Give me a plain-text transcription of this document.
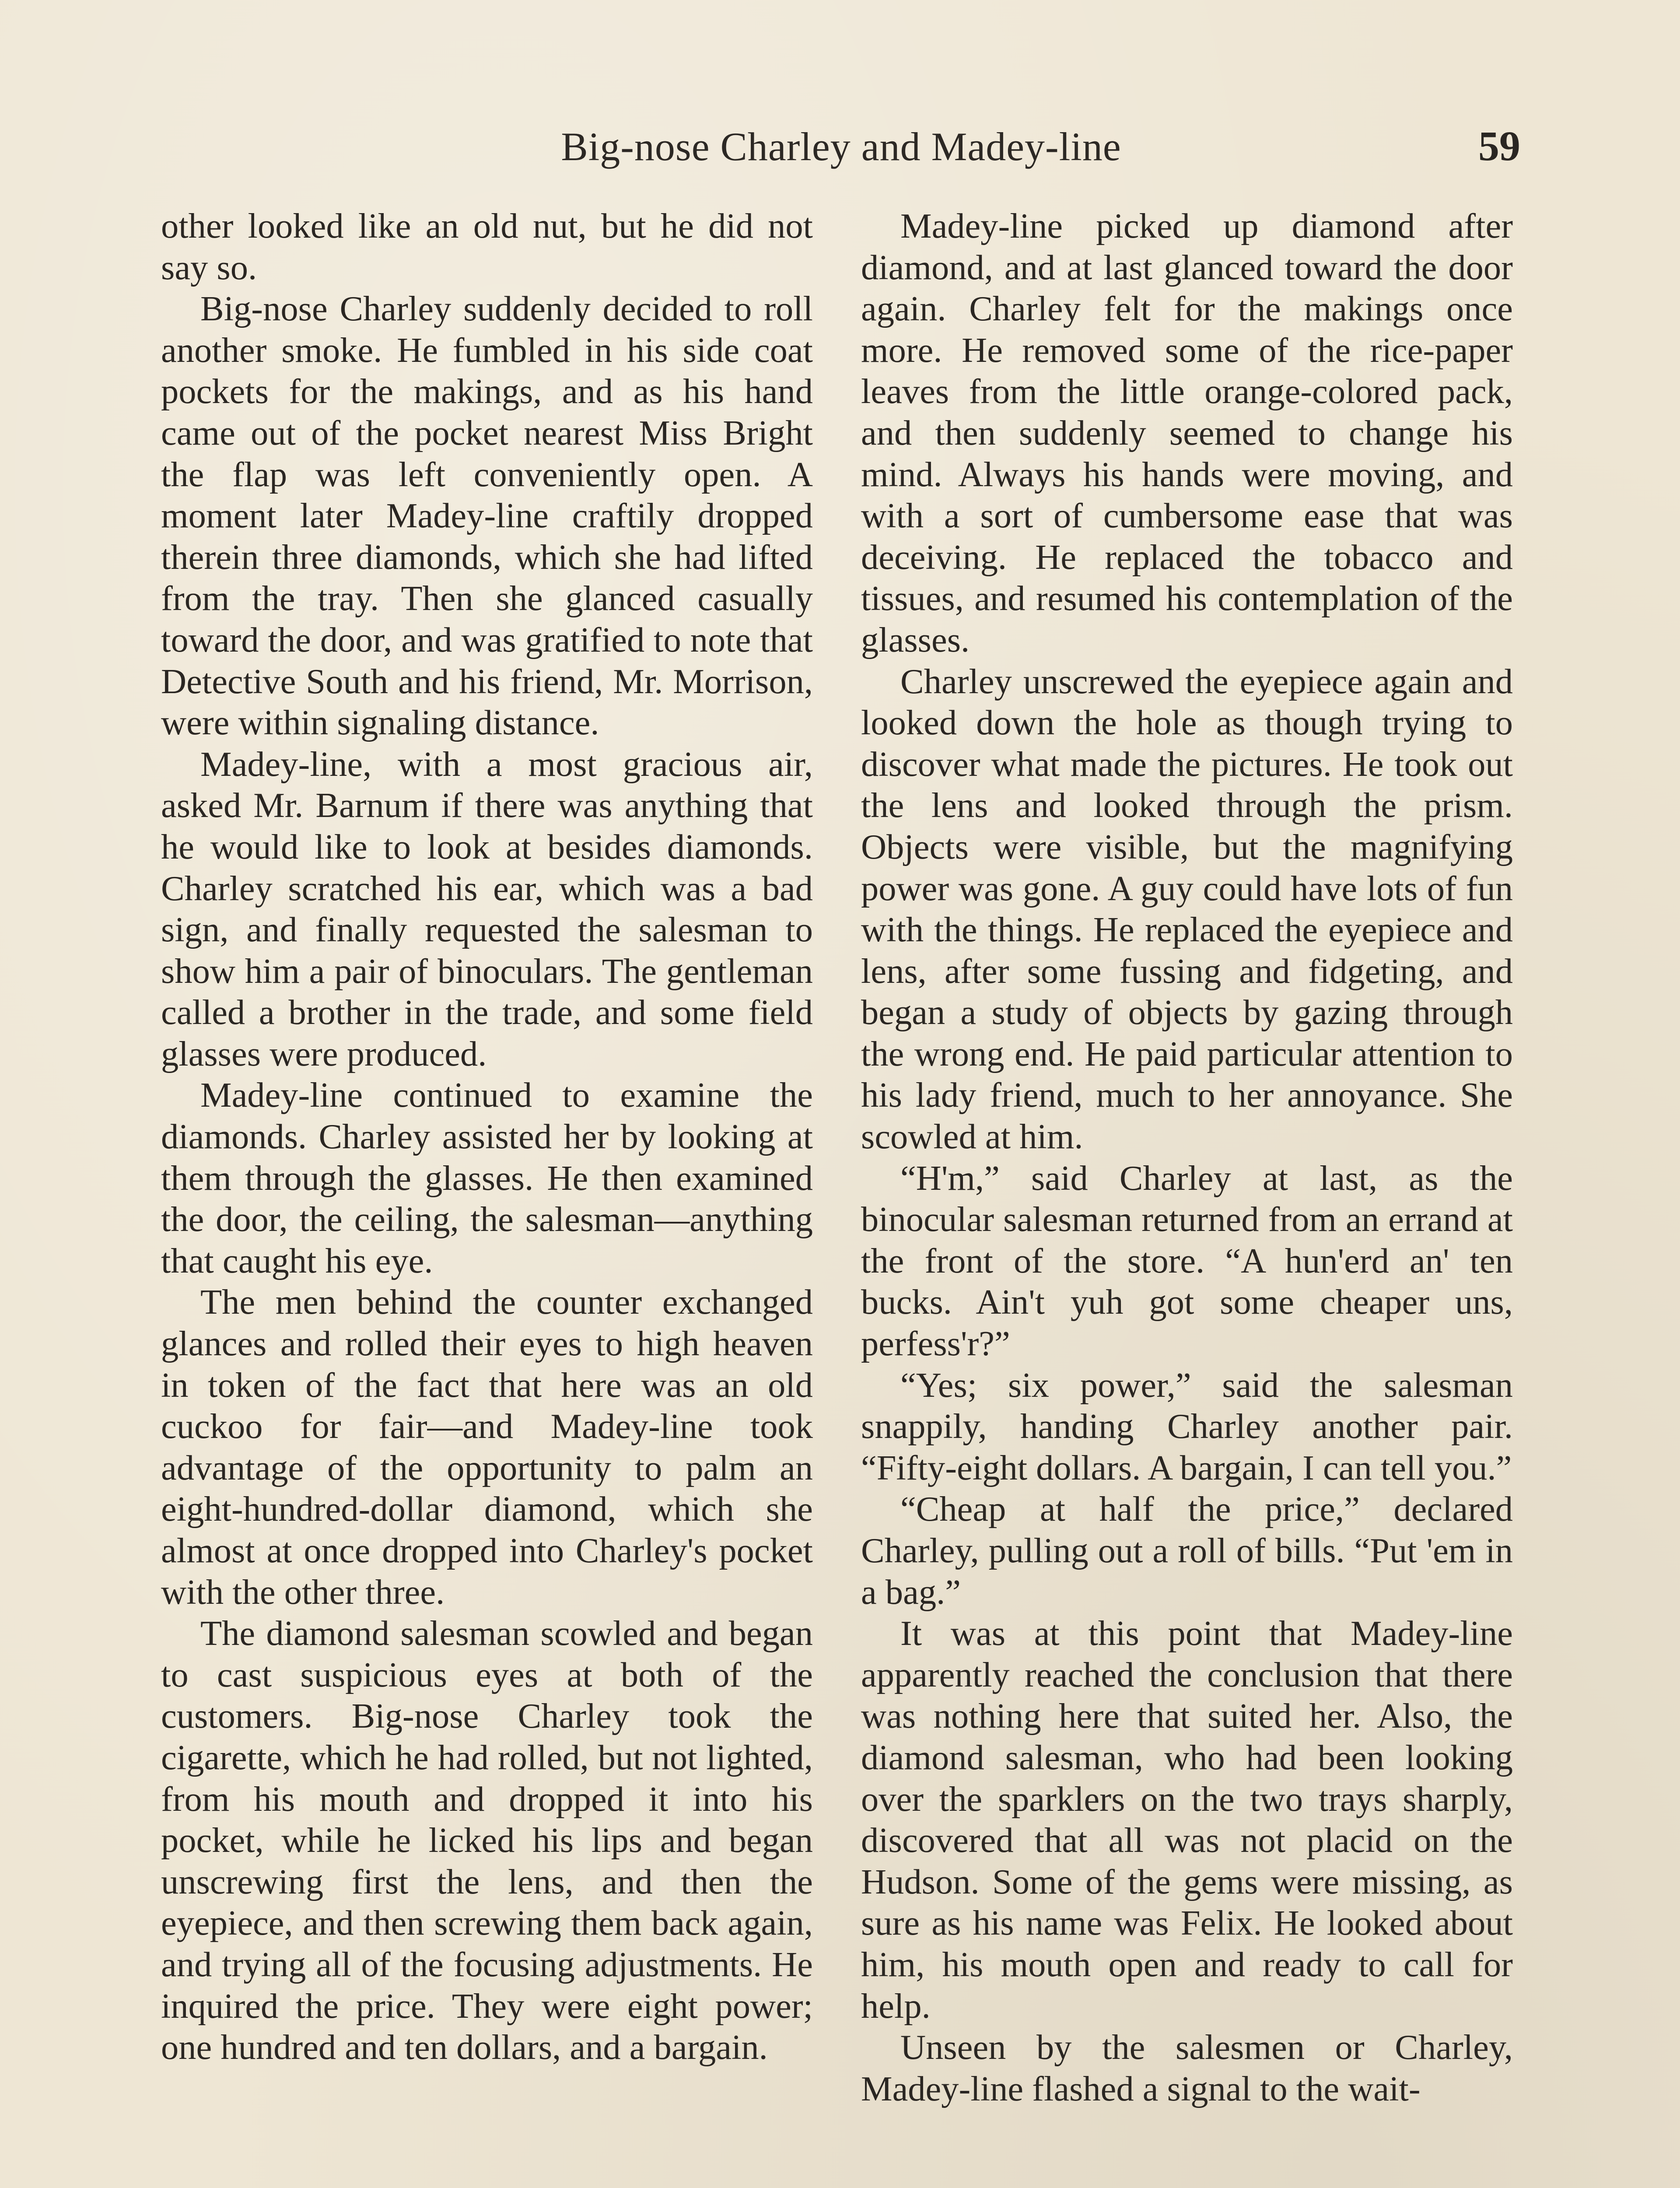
Big-nose Charley and Madey-line	59

other looked like an old nut, but he did not say so.

Big-nose Charley suddenly decided to roll another smoke. He fumbled in his side coat pockets for the makings, and as his hand came out of the pocket nearest Miss Bright the flap was left conveniently open. A moment later Madey-line craftily dropped therein three diamonds, which she had lifted from the tray. Then she glanced casually toward the door, and was gratified to note that Detective South and his friend, Mr. Morrison, were within signaling distance.

Madey-line, with a most gracious air, asked Mr. Barnum if there was anything that he would like to look at besides diamonds. Charley scratched his ear, which was a bad sign, and finally requested the salesman to show him a pair of binoculars. The gentleman called a brother in the trade, and some field glasses were produced.

Madey-line continued to examine the diamonds. Charley assisted her by looking at them through the glasses. He then examined the door, the ceiling, the salesman—anything that caught his eye.

The men behind the counter exchanged glances and rolled their eyes to high heaven in token of the fact that here was an old cuckoo for fair—and Madey-line took advantage of the opportunity to palm an eight-hundred-dollar diamond, which she almost at once dropped into Charley's pocket with the other three.

The diamond salesman scowled and began to cast suspicious eyes at both of the customers. Big-nose Charley took the cigarette, which he had rolled, but not lighted, from his mouth and dropped it into his pocket, while he licked his lips and began unscrewing first the lens, and then the eyepiece, and then screwing them back again, and trying all of the focusing adjustments. He inquired the price. They were eight power; one hundred and ten dollars, and a bargain.

Madey-line picked up diamond after diamond, and at last glanced toward the door again. Charley felt for the makings once more. He removed some of the rice-paper leaves from the little orange-colored pack, and then suddenly seemed to change his mind. Always his hands were moving, and with a sort of cumbersome ease that was deceiving. He replaced the tobacco and tissues, and resumed his contemplation of the glasses.

Charley unscrewed the eyepiece again and looked down the hole as though trying to discover what made the pictures. He took out the lens and looked through the prism. Objects were visible, but the magnifying power was gone. A guy could have lots of fun with the things. He replaced the eyepiece and lens, after some fussing and fidgeting, and began a study of objects by gazing through the wrong end. He paid particular attention to his lady friend, much to her annoyance. She scowled at him.

“H'm,” said Charley at last, as the binocular salesman returned from an errand at the front of the store. “A hun'erd an' ten bucks. Ain't yuh got some cheaper uns, perfess'r?”

“Yes; six power,” said the salesman snappily, handing Charley another pair. “Fifty-eight dollars. A bargain, I can tell you.”

“Cheap at half the price,” declared Charley, pulling out a roll of bills. “Put 'em in a bag.”

It was at this point that Madey-line apparently reached the conclusion that there was nothing here that suited her. Also, the diamond salesman, who had been looking over the sparklers on the two trays sharply, discovered that all was not placid on the Hudson. Some of the gems were missing, as sure as his name was Felix. He looked about him, his mouth open and ready to call for help.

Unseen by the salesmen or Charley, Madey-line flashed a signal to the wait-
